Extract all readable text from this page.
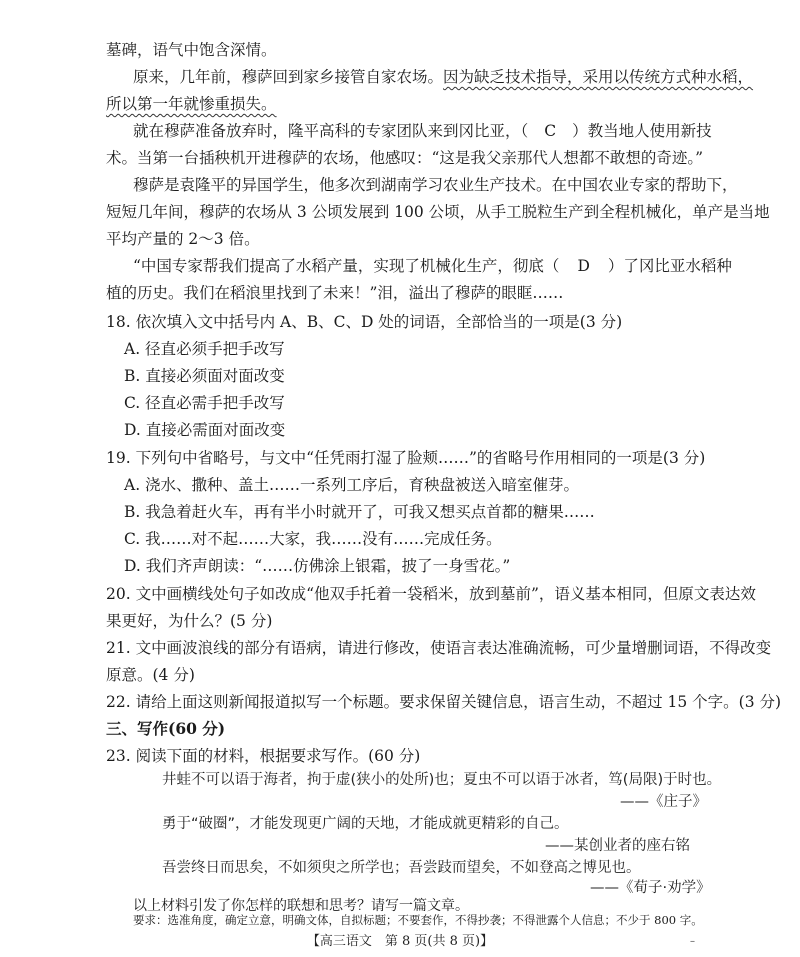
墓碑，语气中饱含深情。
原来，几年前，穆萨回到家乡接管自家农场。因为缺乏技术指导，采用以传统方式种水稻，
所以第一年就惨重损失。
就在穆萨准备放弃时，隆平高科的专家团队来到冈比亚，（ C ）教当地人使用新技
术。当第一台插秧机开进穆萨的农场，他感叹：“这是我父亲那代人想都不敢想的奇迹。”
穆萨是袁隆平的异国学生，他多次到湖南学习农业生产技术。在中国农业专家的帮助下，
短短几年间，穆萨的农场从 3 公顷发展到 100 公顷，从手工脱粒生产到全程机械化，单产是当地
平均产量的 2～3 倍。
“中国专家帮我们提高了水稻产量，实现了机械化生产，彻底（ D ）了冈比亚水稻种
植的历史。我们在稻浪里找到了未来！”泪，溢出了穆萨的眼眶……
18. 依次填入文中括号内 A、B、C、D 处的词语，全部恰当的一项是(3 分)
A. 径直必须手把手改写
B. 直接必须面对面改变
C. 径直必需手把手改写
D. 直接必需面对面改变
19. 下列句中省略号，与文中“任凭雨打湿了脸颊……”的省略号作用相同的一项是(3 分)
A. 浇水、撒种、盖土……一系列工序后，育秧盘被送入暗室催芽。
B. 我急着赶火车，再有半小时就开了，可我又想买点首都的糖果……
C. 我……对不起……大家，我……没有……完成任务。
D. 我们齐声朗读：“……仿佛涂上银霜，披了一身雪花。”
20. 文中画横线处句子如改成“他双手托着一袋稻米，放到墓前”，语义基本相同，但原文表达效
果更好，为什么？(5 分)
21. 文中画波浪线的部分有语病，请进行修改，使语言表达准确流畅，可少量增删词语，不得改变
原意。(4 分)
22. 请给上面这则新闻报道拟写一个标题。要求保留关键信息，语言生动，不超过 15 个字。(3 分)
三、写作(60 分)
23. 阅读下面的材料，根据要求写作。(60 分)
井蛙不可以语于海者，拘于虚(狭小的处所)也；夏虫不可以语于冰者，笃(局限)于时也。
——《庄子》
勇于“破圈”，才能发现更广阔的天地，才能成就更精彩的自己。
——某创业者的座右铭
吾尝终日而思矣，不如须臾之所学也；吾尝跂而望矣，不如登高之博见也。
——《荀子·劝学》
【高三语文　第 8 页(共 8 页)】	–
以上材料引发了你怎样的联想和思考？请写一篇文章。
要求：选准角度，确定立意，明确文体，自拟标题；不要套作，不得抄袭；不得泄露个人信息；不少于 800 字。
